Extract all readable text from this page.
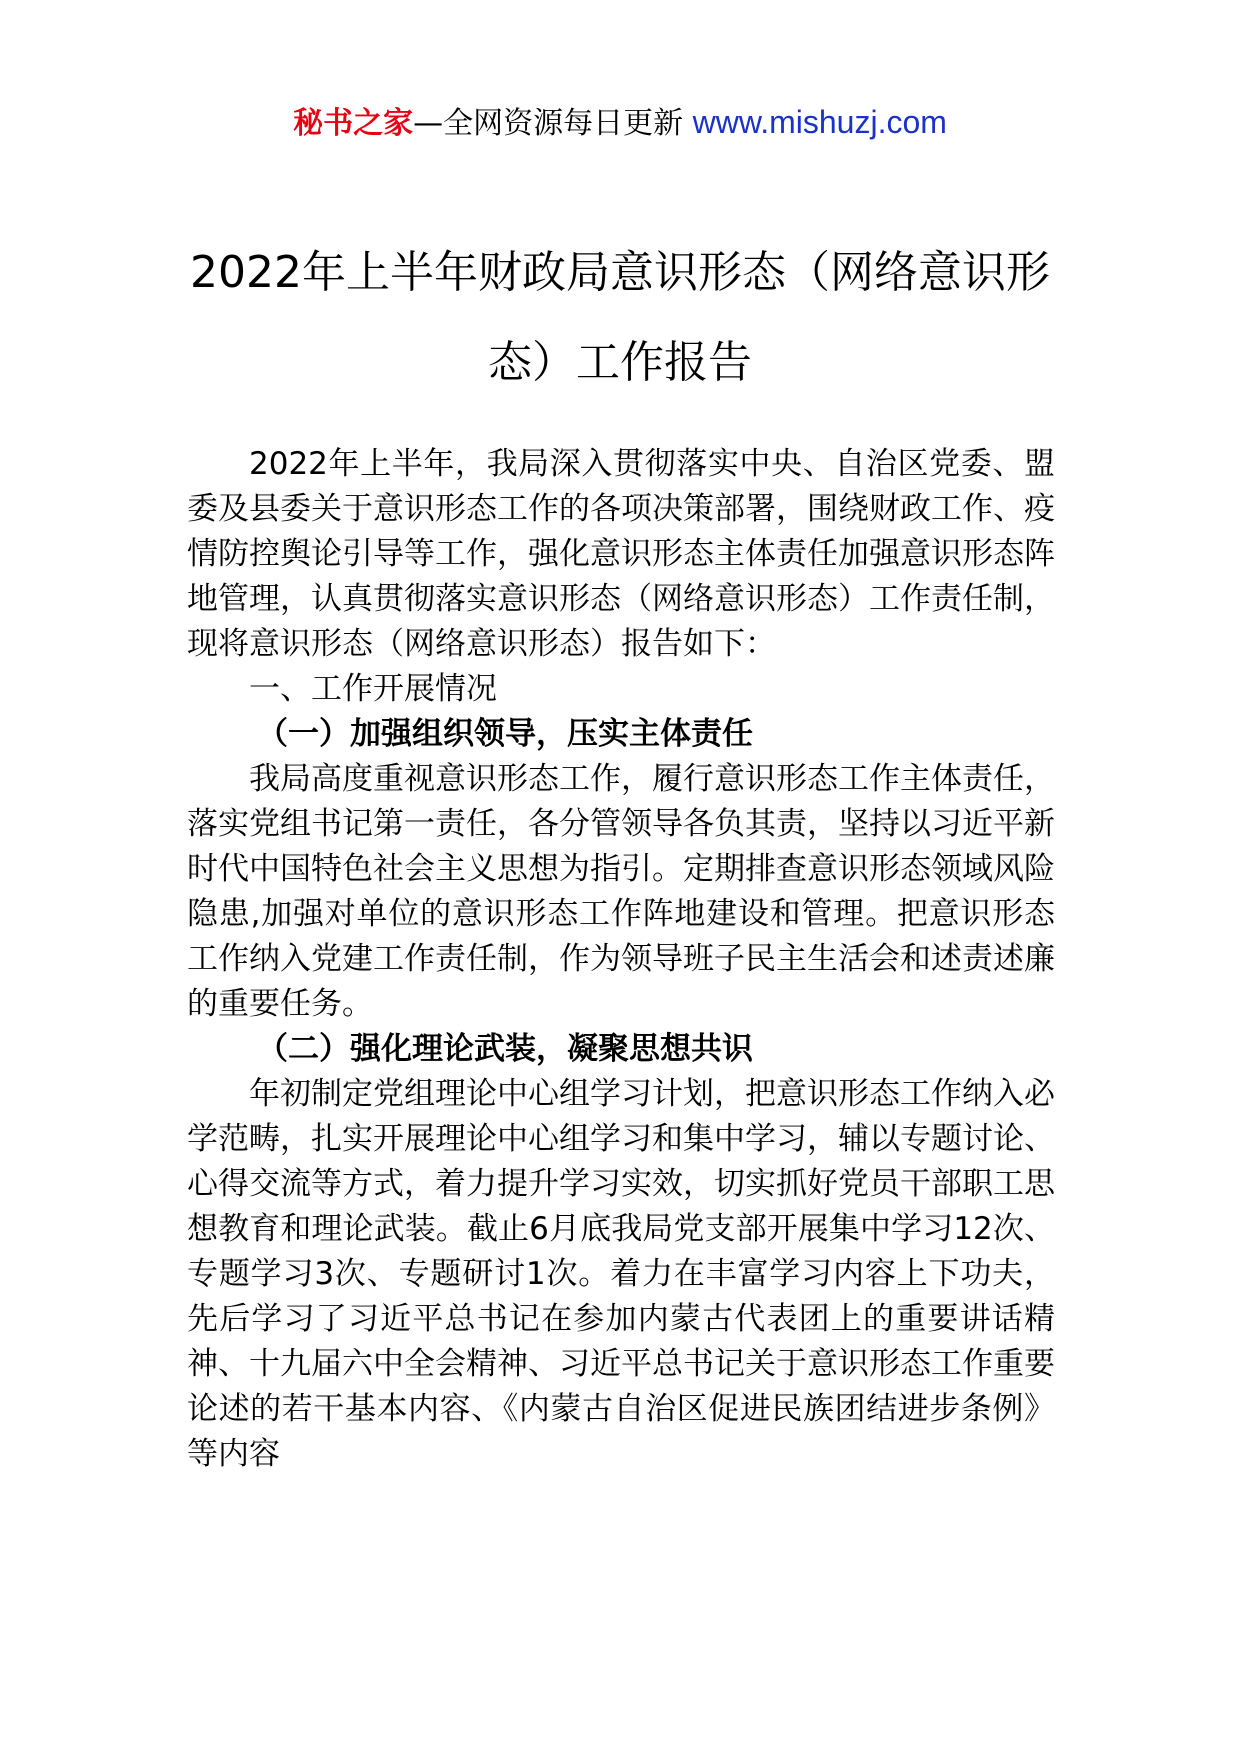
秘书之家—全网资源每日更新 www.mishuzj.com
2022年上半年财政局意识形态（网络意识形态）工作报告

2022年上半年，我局深入贯彻落实中央、自治区党委、盟委及县委关于意识形态工作的各项决策部署，围绕财政工作、疫情防控舆论引导等工作，强化意识形态主体责任加强意识形态阵地管理，认真贯彻落实意识形态（网络意识形态）工作责任制，现将意识形态（网络意识形态）报告如下：

一、工作开展情况

（一）加强组织领导，压实主体责任

我局高度重视意识形态工作，履行意识形态工作主体责任，落实党组书记第一责任，各分管领导各负其责，坚持以习近平新时代中国特色社会主义思想为指引。定期排查意识形态领域风险隐患,加强对单位的意识形态工作阵地建设和管理。把意识形态工作纳入党建工作责任制，作为领导班子民主生活会和述责述廉的重要任务。

（二）强化理论武装，凝聚思想共识

年初制定党组理论中心组学习计划，把意识形态工作纳入必学范畴，扎实开展理论中心组学习和集中学习，辅以专题讨论、心得交流等方式，着力提升学习实效，切实抓好党员干部职工思想教育和理论武装。截止6月底我局党支部开展集中学习12次、专题学习3次、专题研讨1次。着力在丰富学习内容上下功夫，先后学习了习近平总书记在参加内蒙古代表团上的重要讲话精神、十九届六中全会精神、习近平总书记关于意识形态工作重要论述的若干基本内容、《内蒙古自治区促进民族团结进步条例》等内容
